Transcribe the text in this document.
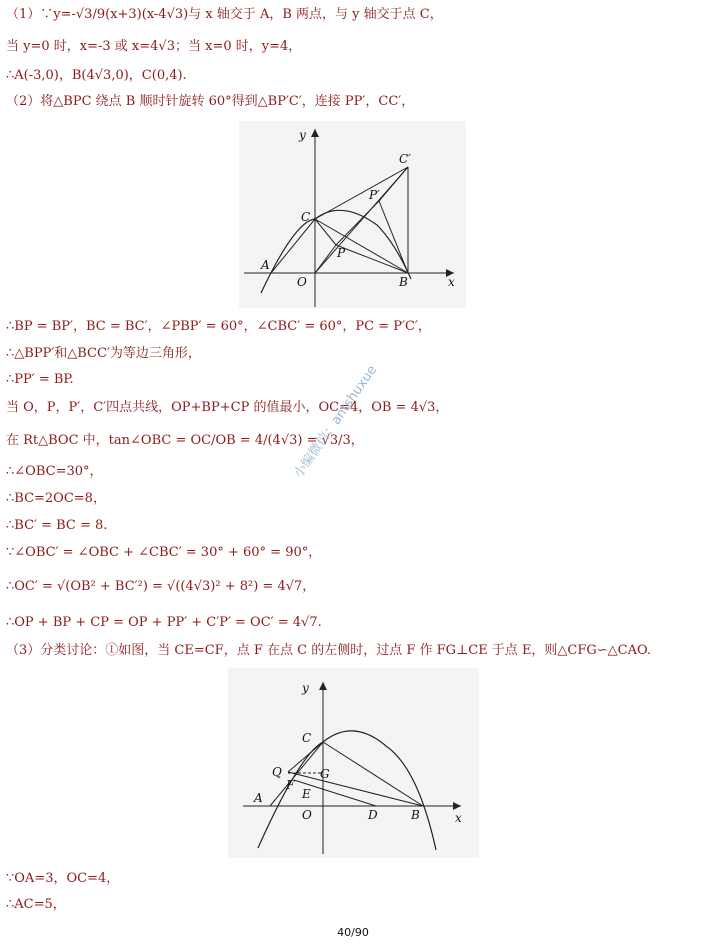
（1）∵y=-√3/9(x+3)(x-4√3)与 x 轴交于 A，B 两点，与 y 轴交于点 C，
当 y=0 时，x=-3 或 x=4√3；当 x=0 时，y=4，
∴A(-3,0)，B(4√3,0)，C(0,4).
（2）将△BPC 绕点 B 顺时针旋转 60°得到△BP′C′，连接 PP′，CC′，
y
x
O
A
B
C
P
P′
C′
∴BP = BP′，BC = BC′，∠PBP′ = 60°，∠CBC′ = 60°，PC = P′C′，
∴△BPP′和△BCC′为等边三角形，
∴PP′ = BP.
当 O，P，P′，C′四点共线，OP+BP+CP 的值最小，OC=4，OB = 4√3，
在 Rt△BOC 中，tan∠OBC = OC/OB = 4/(4√3) = √3/3，
∴∠OBC=30°，
∴BC=2OC=8，
∴BC′ = BC = 8.
∵∠OBC′ = ∠OBC + ∠CBC′ = 30° + 60° = 90°，
∴OC′ = √(OB² + BC′²) = √((4√3)² + 8²) = 4√7，
∴OP + BP + CP = OP + PP′ + C′P′ = OC′ = 4√7.
（3）分类讨论：①如图，当 CE=CF，点 F 在点 C 的左侧时，过点 F 作 FG⊥CE 于点 E，则△CFG∽△CAO.
y
x
O
A
B
C
D
E
F
G
Q
∵OA=3，OC=4，
∴AC=5，
小编微信：antshuxue
40/90
